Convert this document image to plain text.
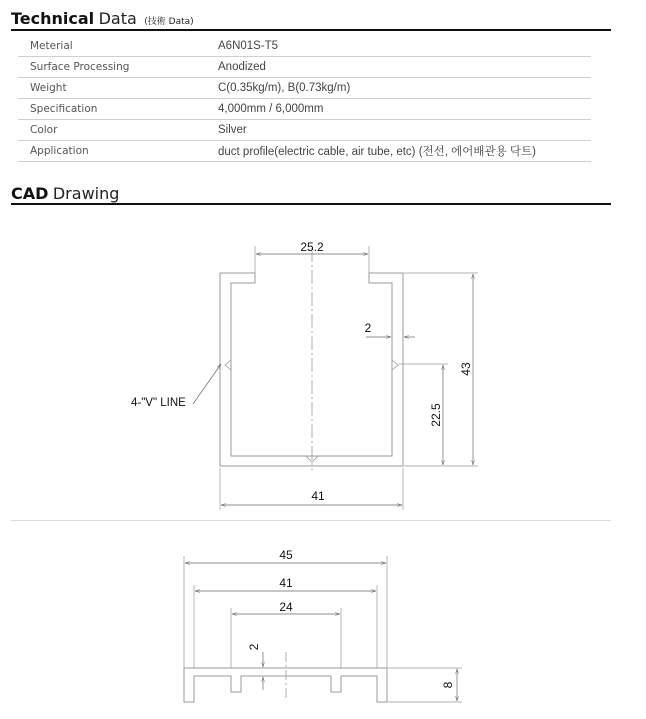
Technical Data (技術 Data)
Meterial	A6N01S-T5
Surface Processing	Anodized
Weight	C(0.35kg/m), B(0.73kg/m)
Specification	4,000mm / 6,000mm
Color	Silver
Application	duct profile(electric cable, air tube, etc) (전선, 에어배관용 닥트)
CAD Drawing
25.2
2
43
22.5
41
4-"V" LINE
45
41
24
2
8
